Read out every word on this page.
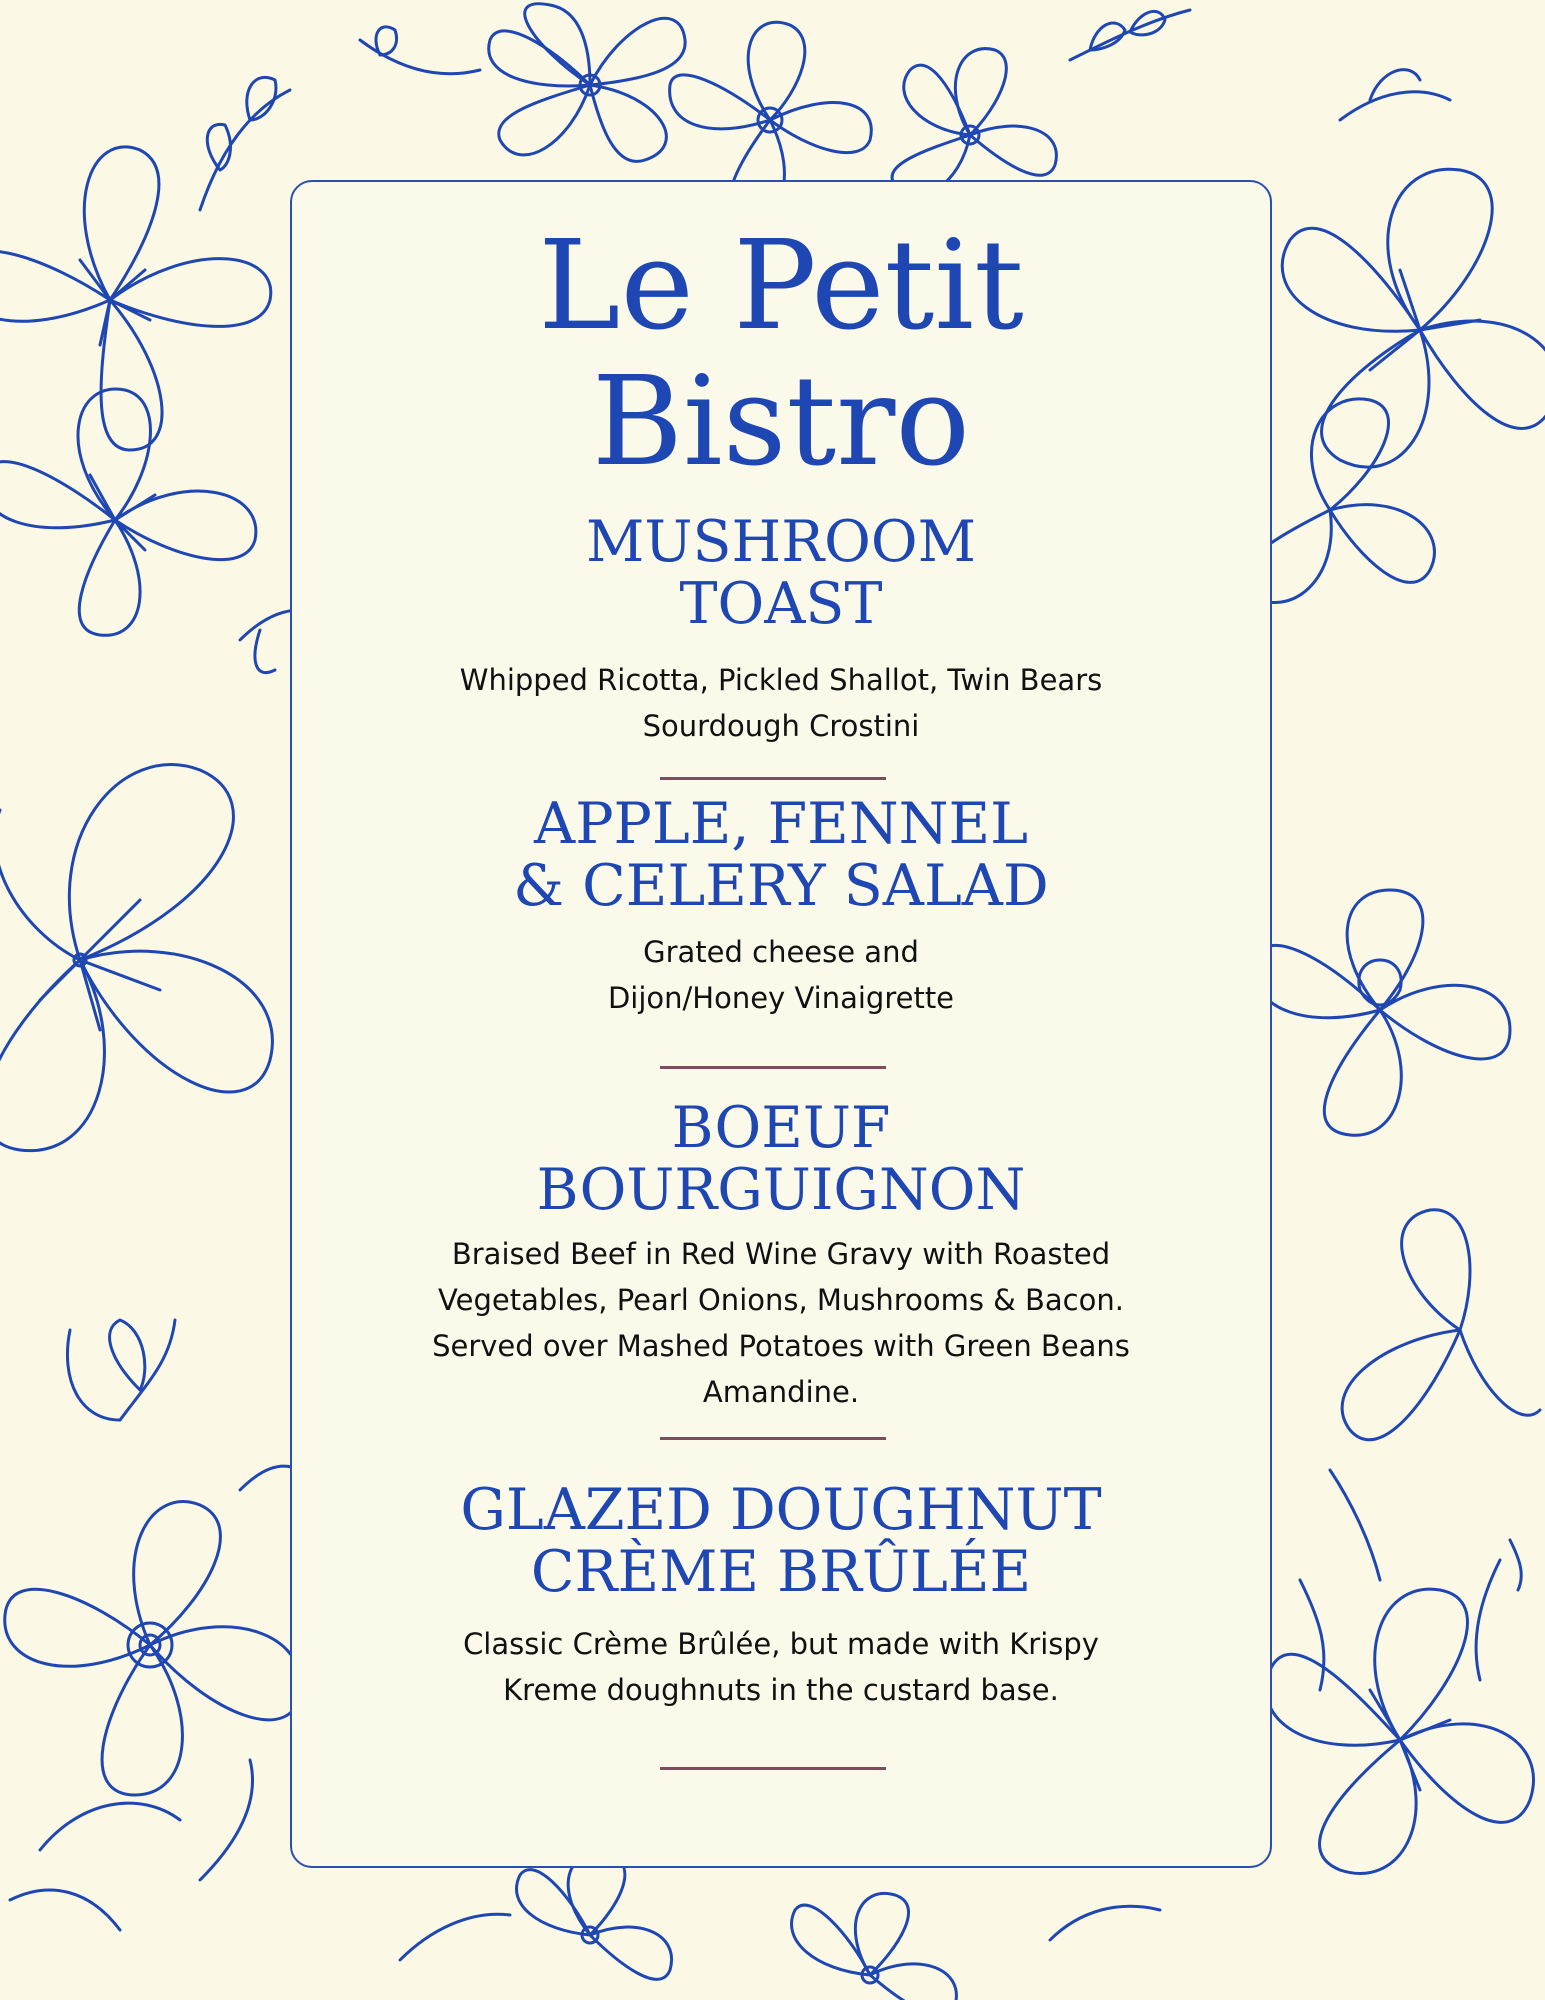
Le Petit
Bistro
MUSHROOM
TOAST
Whipped Ricotta, Pickled Shallot, Twin Bears
Sourdough Crostini
APPLE, FENNEL
& CELERY SALAD
Grated cheese and
Dijon/Honey Vinaigrette
BOEUF
BOURGUIGNON
Braised Beef in Red Wine Gravy with Roasted
Vegetables, Pearl Onions, Mushrooms & Bacon.
Served over Mashed Potatoes with Green Beans
Amandine.
GLAZED DOUGHNUT
CRÈME BRÛLÉE
Classic Crème Brûlée, but made with Krispy
Kreme doughnuts in the custard base.
